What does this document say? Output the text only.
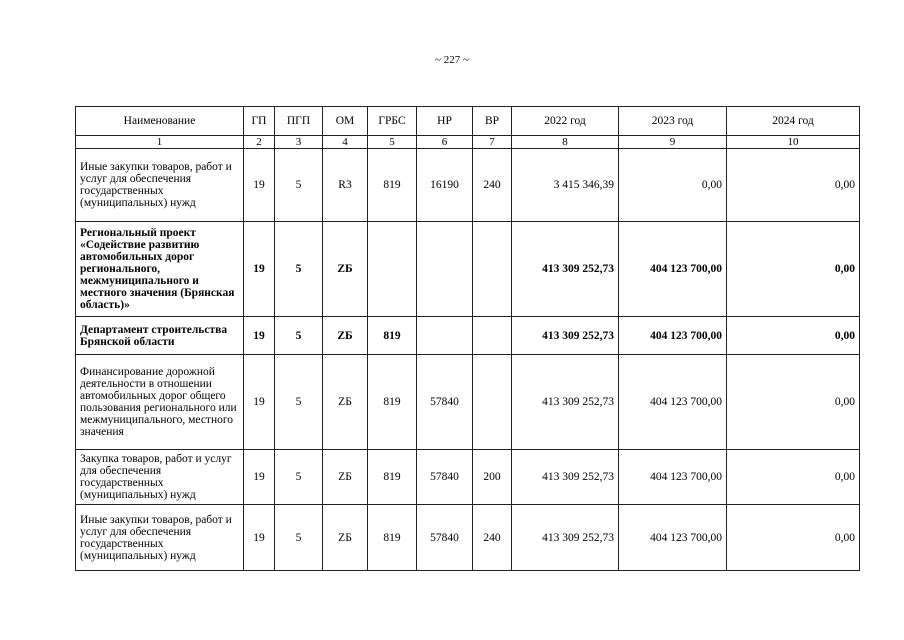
~ 227 ~
Наименование	ГП	ПГП	ОМ	ГРБС	НР	ВР	2022 год	2023 год	2024 год
1	2	3	4	5	6	7	8	9	10
Иные закупки товаров, работ и услуг для обеспечения государственных (муниципальных) нужд	19	5	R3	819	16190	240	3 415 346,39	0,00	0,00
Региональный проект «Содействие развитию автомобильных дорог регионального, межмуниципального и местного значения (Брянская область)»	19	5	ZБ				413 309 252,73	404 123 700,00	0,00
Департамент строительства Брянской области	19	5	ZБ	819			413 309 252,73	404 123 700,00	0,00
Финансирование дорожной деятельности в отношении автомобильных дорог общего пользования регионального или межмуниципального, местного значения	19	5	ZБ	819	57840		413 309 252,73	404 123 700,00	0,00
Закупка товаров, работ и услуг для обеспечения государственных (муниципальных) нужд	19	5	ZБ	819	57840	200	413 309 252,73	404 123 700,00	0,00
Иные закупки товаров, работ и услуг для обеспечения государственных (муниципальных) нужд	19	5	ZБ	819	57840	240	413 309 252,73	404 123 700,00	0,00
